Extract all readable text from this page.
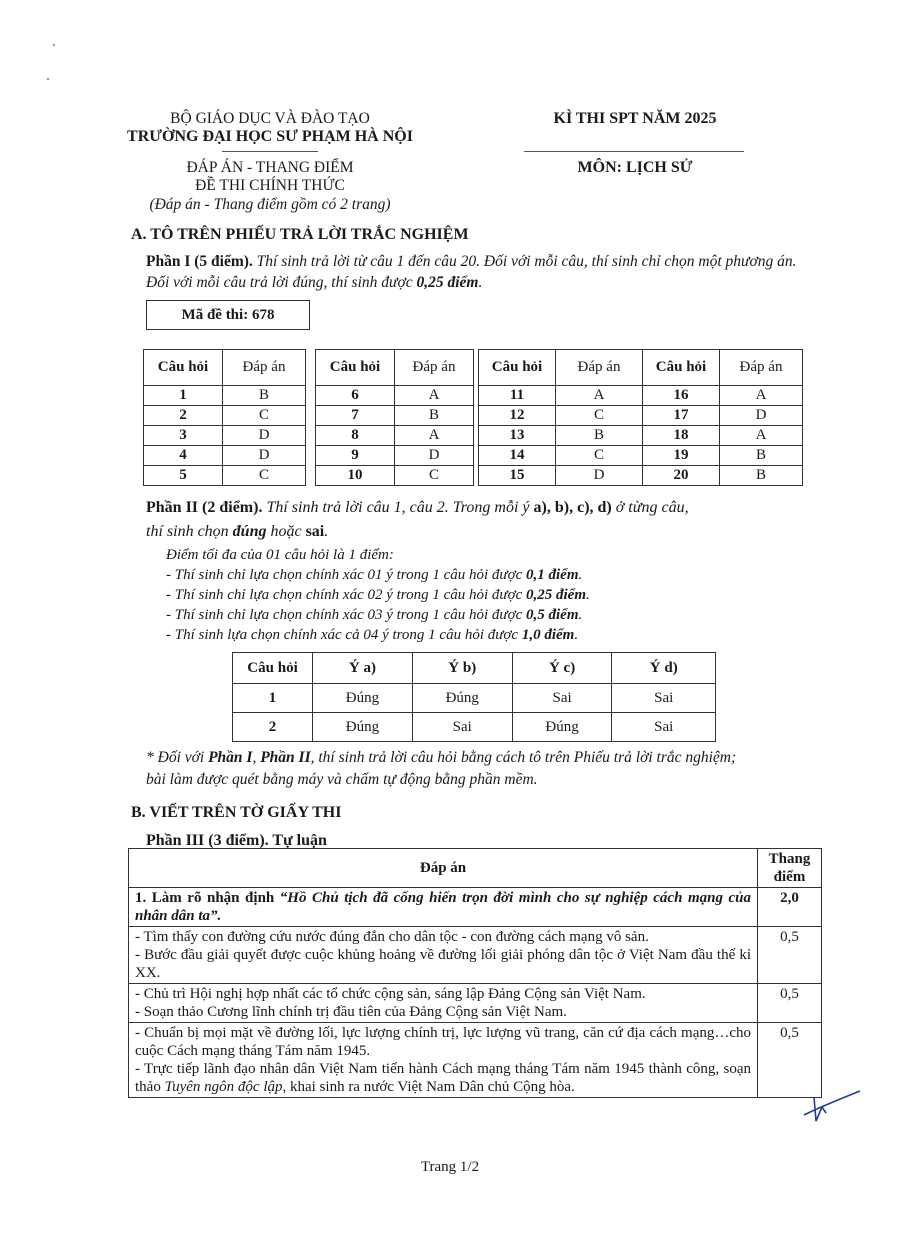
BỘ GIÁO DỤC VÀ ĐÀO TẠO
TRƯỜNG ĐẠI HỌC SƯ PHẠM HÀ NỘI
ĐÁP ÁN - THANG ĐIỂM
ĐỀ THI CHÍNH THỨC
(Đáp án - Thang điểm gồm có 2 trang)
KÌ THI SPT NĂM 2025
MÔN: LỊCH SỬ
A. TÔ TRÊN PHIẾU TRẢ LỜI TRẮC NGHIỆM
Phần I (5 điểm). Thí sinh trả lời từ câu 1 đến câu 20. Đối với mỗi câu, thí sinh chỉ chọn một phương án. Đối với mỗi câu trả lời đúng, thí sinh được 0,25 điểm.
Mã đề thi: 678
Câu hỏi	Đáp án
1	B
2	C
3	D
4	D
5	C
Câu hỏi	Đáp án
6	A
7	B
8	A
9	D
10	C
Câu hỏi	Đáp án
11	A
12	C
13	B
14	C
15	D
Câu hỏi	Đáp án
16	A
17	D
18	A
19	B
20	B
Phần II (2 điểm). Thí sinh trả lời câu 1, câu 2. Trong mỗi ý a), b), c), d) ở từng câu,
thí sinh chọn đúng hoặc sai.
Điểm tối đa của 01 câu hỏi là 1 điểm:
- Thí sinh chỉ lựa chọn chính xác 01 ý trong 1 câu hỏi được 0,1 điểm.
- Thí sinh chỉ lựa chọn chính xác 02 ý trong 1 câu hỏi được 0,25 điểm.
- Thí sinh chỉ lựa chọn chính xác 03 ý trong 1 câu hỏi được 0,5 điểm.
- Thí sinh lựa chọn chính xác cả 04 ý trong 1 câu hỏi được 1,0 điểm.
Câu hỏi	Ý a)	Ý b)	Ý c)	Ý d)
1	Đúng	Đúng	Sai	Sai
2	Đúng	Sai	Đúng	Sai
* Đối với Phần I, Phần II, thí sinh trả lời câu hỏi bằng cách tô trên Phiếu trả lời trắc nghiệm;
bài làm được quét bằng máy và chấm tự động bằng phần mềm.
B. VIẾT TRÊN TỜ GIẤY THI
Phần III (3 điểm). Tự luận
Đáp án	Thang
điểm
1. Làm rõ nhận định “Hồ Chủ tịch đã cống hiến trọn đời mình cho sự nghiệp cách mạng của nhân dân ta”.	2,0

- Tìm thấy con đường cứu nước đúng đắn cho dân tộc - con đường cách mạng vô sản.
- Bước đầu giải quyết được cuộc khủng hoảng về đường lối giải phóng dân tộc ở Việt Nam đầu thế kỉ XX.	0,5

- Chủ trì Hội nghị hợp nhất các tổ chức cộng sản, sáng lập Đảng Cộng sản Việt Nam.
- Soạn thảo Cương lĩnh chính trị đầu tiên của Đảng Cộng sản Việt Nam.	0,5

- Chuẩn bị mọi mặt về đường lối, lực lượng chính trị, lực lượng vũ trang, căn cứ địa cách mạng…cho cuộc Cách mạng tháng Tám năm 1945.
- Trực tiếp lãnh đạo nhân dân Việt Nam tiến hành Cách mạng tháng Tám năm 1945 thành công, soạn thảo Tuyên ngôn độc lập, khai sinh ra nước Việt Nam Dân chủ Cộng hòa.	0,5
Trang 1/2
